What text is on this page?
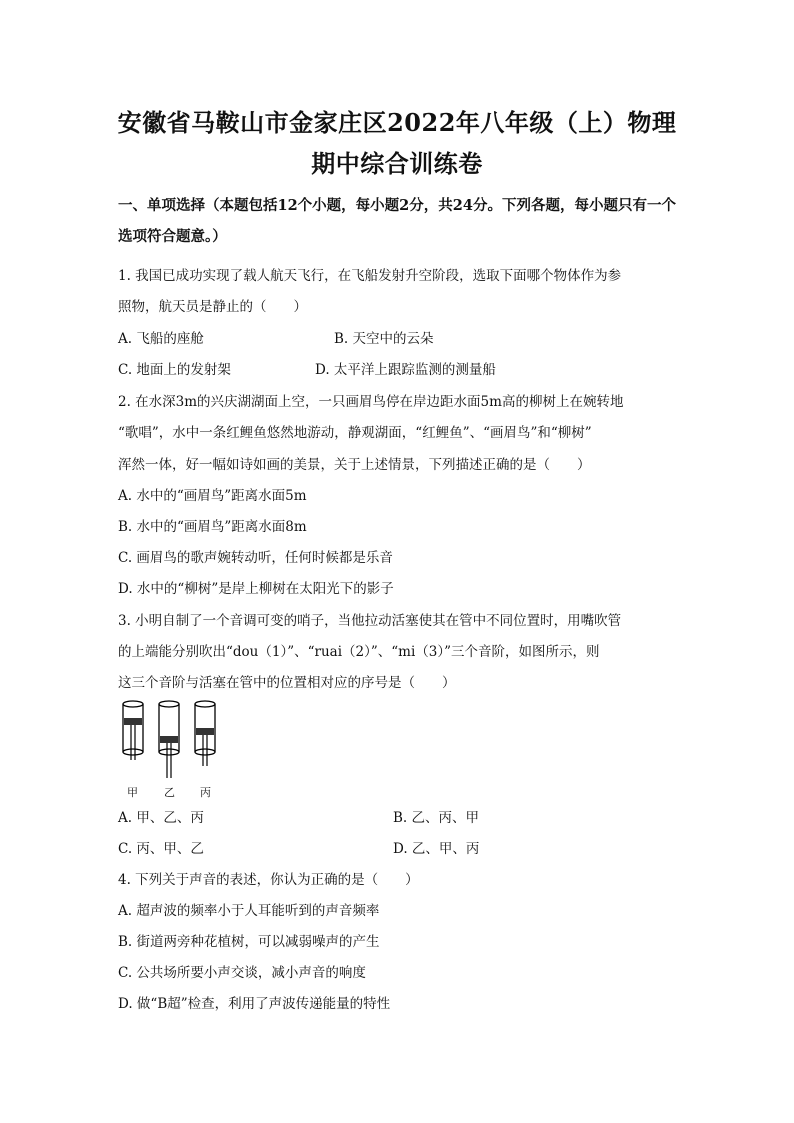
安徽省马鞍山市金家庄区2022年八年级（上）物理
期中综合训练卷
一、单项选择（本题包括12个小题，每小题2分，共24分。下列各题，每小题只有一个选项符合题意。）
1. 我国已成功实现了载人航天飞行，在飞船发射升空阶段，选取下面哪个物体作为参
照物，航天员是静止的（　　）
A. 飞船的座舱	B. 天空中的云朵
C. 地面上的发射架	D. 太平洋上跟踪监测的测量船
2. 在水深3m的兴庆湖湖面上空，一只画眉鸟停在岸边距水面5m高的柳树上在婉转地
“歌唱”，水中一条红鲤鱼悠然地游动，静观湖面，“红鲤鱼”、“画眉鸟”和“柳树”
浑然一体，好一幅如诗如画的美景，关于上述情景，下列描述正确的是（　　）
A. 水中的“画眉鸟”距离水面5m
B. 水中的“画眉鸟”距离水面8m
C. 画眉鸟的歌声婉转动听，任何时候都是乐音
D. 水中的“柳树”是岸上柳树在太阳光下的影子
3. 小明自制了一个音调可变的哨子，当他拉动活塞使其在管中不同位置时，用嘴吹管
的上端能分别吹出“dou（1）”、“ruai（2）”、“mi（3）”三个音阶，如图所示，则
这三个音阶与活塞在管中的位置相对应的序号是（　　）
甲 乙 丙
A. 甲、乙、丙	B. 乙、丙、甲
C. 丙、甲、乙	D. 乙、甲、丙
4. 下列关于声音的表述，你认为正确的是（　　）
A. 超声波的频率小于人耳能听到的声音频率
B. 街道两旁种花植树，可以减弱噪声的产生
C. 公共场所要小声交谈，减小声音的响度
D. 做“B超”检查，利用了声波传递能量的特性
